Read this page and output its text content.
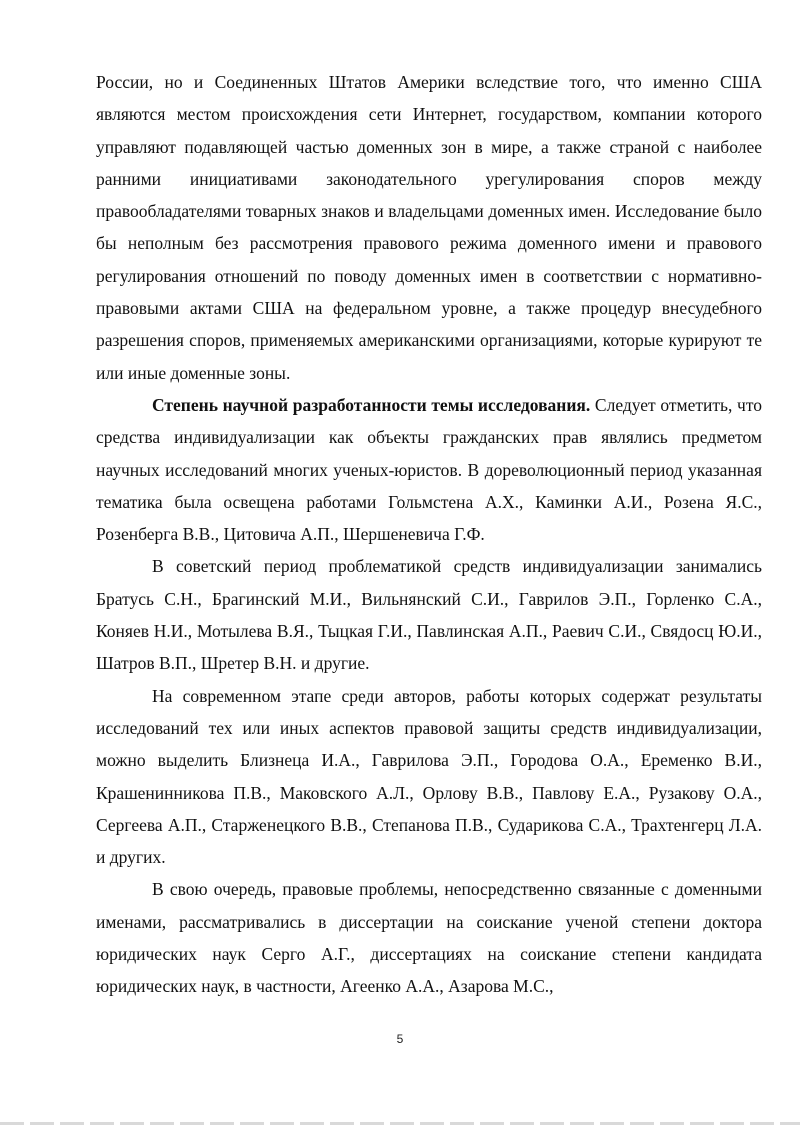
России, но и Соединенных Штатов Америки вследствие того, что именно США являются местом происхождения сети Интернет, государством, компании которого управляют подавляющей частью доменных зон в мире, а также страной с наиболее ранними инициативами законодательного урегулирования споров между правообладателями товарных знаков и владельцами доменных имен. Исследование было бы неполным без рассмотрения правового режима доменного имени и правового регулирования отношений по поводу доменных имен в соответствии с нормативно-правовыми актами США на федеральном уровне, а также процедур внесудебного разрешения споров, применяемых американскими организациями, которые курируют те или иные доменные зоны.

Степень научной разработанности темы исследования. Следует отметить, что средства индивидуализации как объекты гражданских прав являлись предметом научных исследований многих ученых-юристов. В дореволюционный период указанная тематика была освещена работами Гольмстена А.Х., Каминки А.И., Розена Я.С., Розенберга В.В., Цитовича А.П., Шершеневича Г.Ф.

В советский период проблематикой средств индивидуализации занимались Братусь С.Н., Брагинский М.И., Вильнянский С.И., Гаврилов Э.П., Горленко С.А., Коняев Н.И., Мотылева В.Я., Тыцкая Г.И., Павлинская А.П., Раевич С.И., Свядосц Ю.И., Шатров В.П., Шретер В.Н. и другие.

На современном этапе среди авторов, работы которых содержат результаты исследований тех или иных аспектов правовой защиты средств индивидуализации, можно выделить Близнеца И.А., Гаврилова Э.П., Городова О.А., Еременко В.И., Крашенинникова П.В., Маковского А.Л., Орлову В.В., Павлову Е.А., Рузакову О.А., Сергеева А.П., Старженецкого В.В., Степанова П.В., Сударикова С.А., Трахтенгерц Л.А. и других.

В свою очередь, правовые проблемы, непосредственно связанные с доменными именами, рассматривались в диссертации на соискание ученой степени доктора юридических наук Серго А.Г., диссертациях на соискание степени кандидата юридических наук, в частности, Агеенко А.А., Азарова М.С.,

5
